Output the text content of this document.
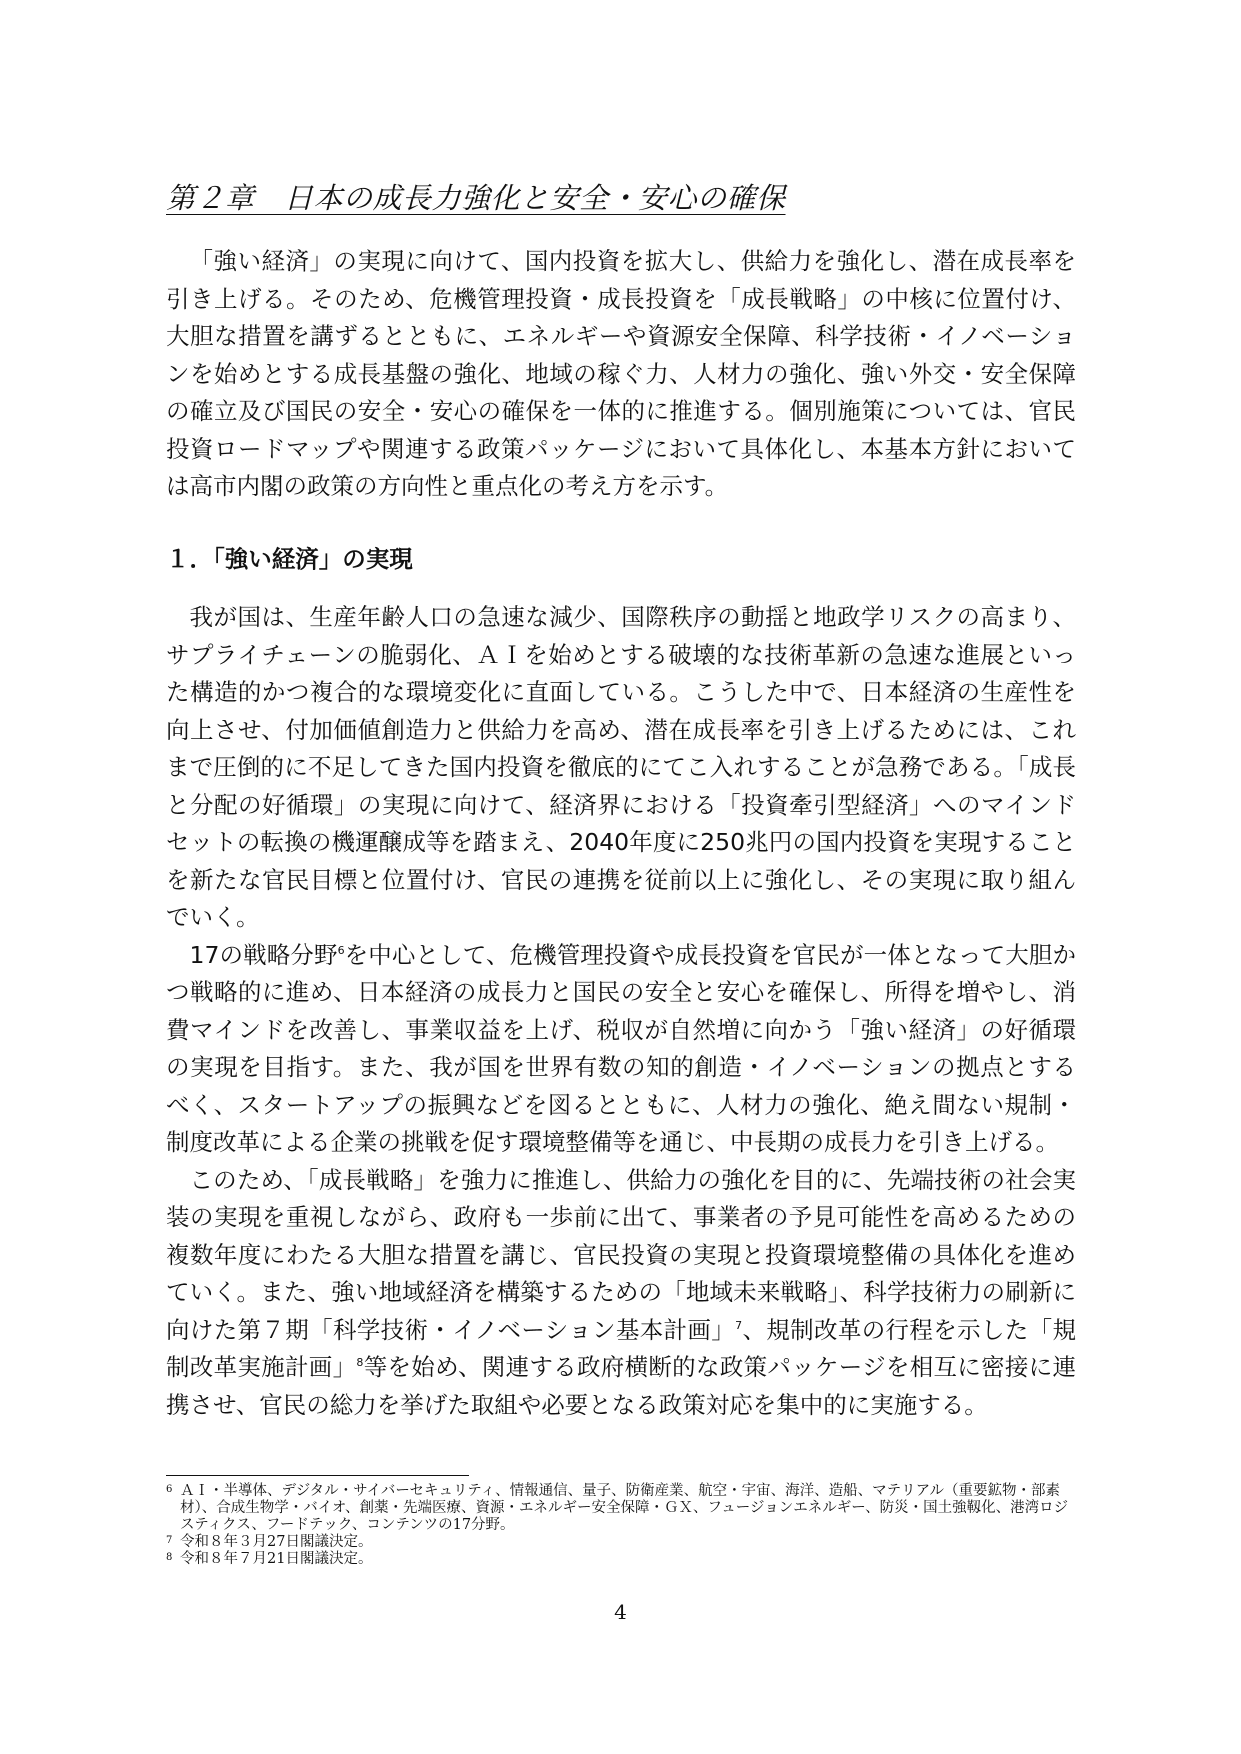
第２章　日本の成長力強化と安全・安心の確保

「強い経済」の実現に向けて、国内投資を拡大し、供給力を強化し、潜在成長率を引き上げる。そのため、危機管理投資・成長投資を「成長戦略」の中核に位置付け、大胆な措置を講ずるとともに、エネルギーや資源安全保障、科学技術・イノベーションを始めとする成長基盤の強化、地域の稼ぐ力、人材力の強化、強い外交・安全保障の確立及び国民の安全・安心の確保を一体的に推進する。個別施策については、官民投資ロードマップや関連する政策パッケージにおいて具体化し、本基本方針においては高市内閣の政策の方向性と重点化の考え方を示す。

１．「強い経済」の実現

我が国は、生産年齢人口の急速な減少、国際秩序の動揺と地政学リスクの高まり、サプライチェーンの脆弱化、ＡＩを始めとする破壊的な技術革新の急速な進展といった構造的かつ複合的な環境変化に直面している。こうした中で、日本経済の生産性を向上させ、付加価値創造力と供給力を高め、潜在成長率を引き上げるためには、これまで圧倒的に不足してきた国内投資を徹底的にてこ入れすることが急務である。「成長と分配の好循環」の実現に向けて、経済界における「投資牽引型経済」へのマインドセットの転換の機運醸成等を踏まえ、2040年度に250兆円の国内投資を実現することを新たな官民目標と位置付け、官民の連携を従前以上に強化し、その実現に取り組んでいく。

17の戦略分野$^6$を中心として、危機管理投資や成長投資を官民が一体となって大胆かつ戦略的に進め、日本経済の成長力と国民の安全と安心を確保し、所得を増やし、消費マインドを改善し、事業収益を上げ、税収が自然増に向かう「強い経済」の好循環の実現を目指す。また、我が国を世界有数の知的創造・イノベーションの拠点とするべく、スタートアップの振興などを図るとともに、人材力の強化、絶え間ない規制・制度改革による企業の挑戦を促す環境整備等を通じ、中長期の成長力を引き上げる。

このため、「成長戦略」を強力に推進し、供給力の強化を目的に、先端技術の社会実装の実現を重視しながら、政府も一歩前に出て、事業者の予見可能性を高めるための複数年度にわたる大胆な措置を講じ、官民投資の実現と投資環境整備の具体化を進めていく。また、強い地域経済を構築するための「地域未来戦略」、科学技術力の刷新に向けた第７期「科学技術・イノベーション基本計画」$^7$、規制改革の行程を示した「規制改革実施計画」$^8$等を始め、関連する政府横断的な政策パッケージを相互に密接に連携させ、官民の総力を挙げた取組や必要となる政策対応を集中的に実施する。

6 ＡＩ・半導体、デジタル・サイバーセキュリティ、情報通信、量子、防衛産業、航空・宇宙、海洋、造船、マテリアル（重要鉱物・部素材）、合成生物学・バイオ、創薬・先端医療、資源・エネルギー安全保障・ＧＸ、フュージョンエネルギー、防災・国土強靱化、港湾ロジスティクス、フードテック、コンテンツの17分野。
7 令和８年３月27日閣議決定。
8 令和８年７月21日閣議決定。
4
